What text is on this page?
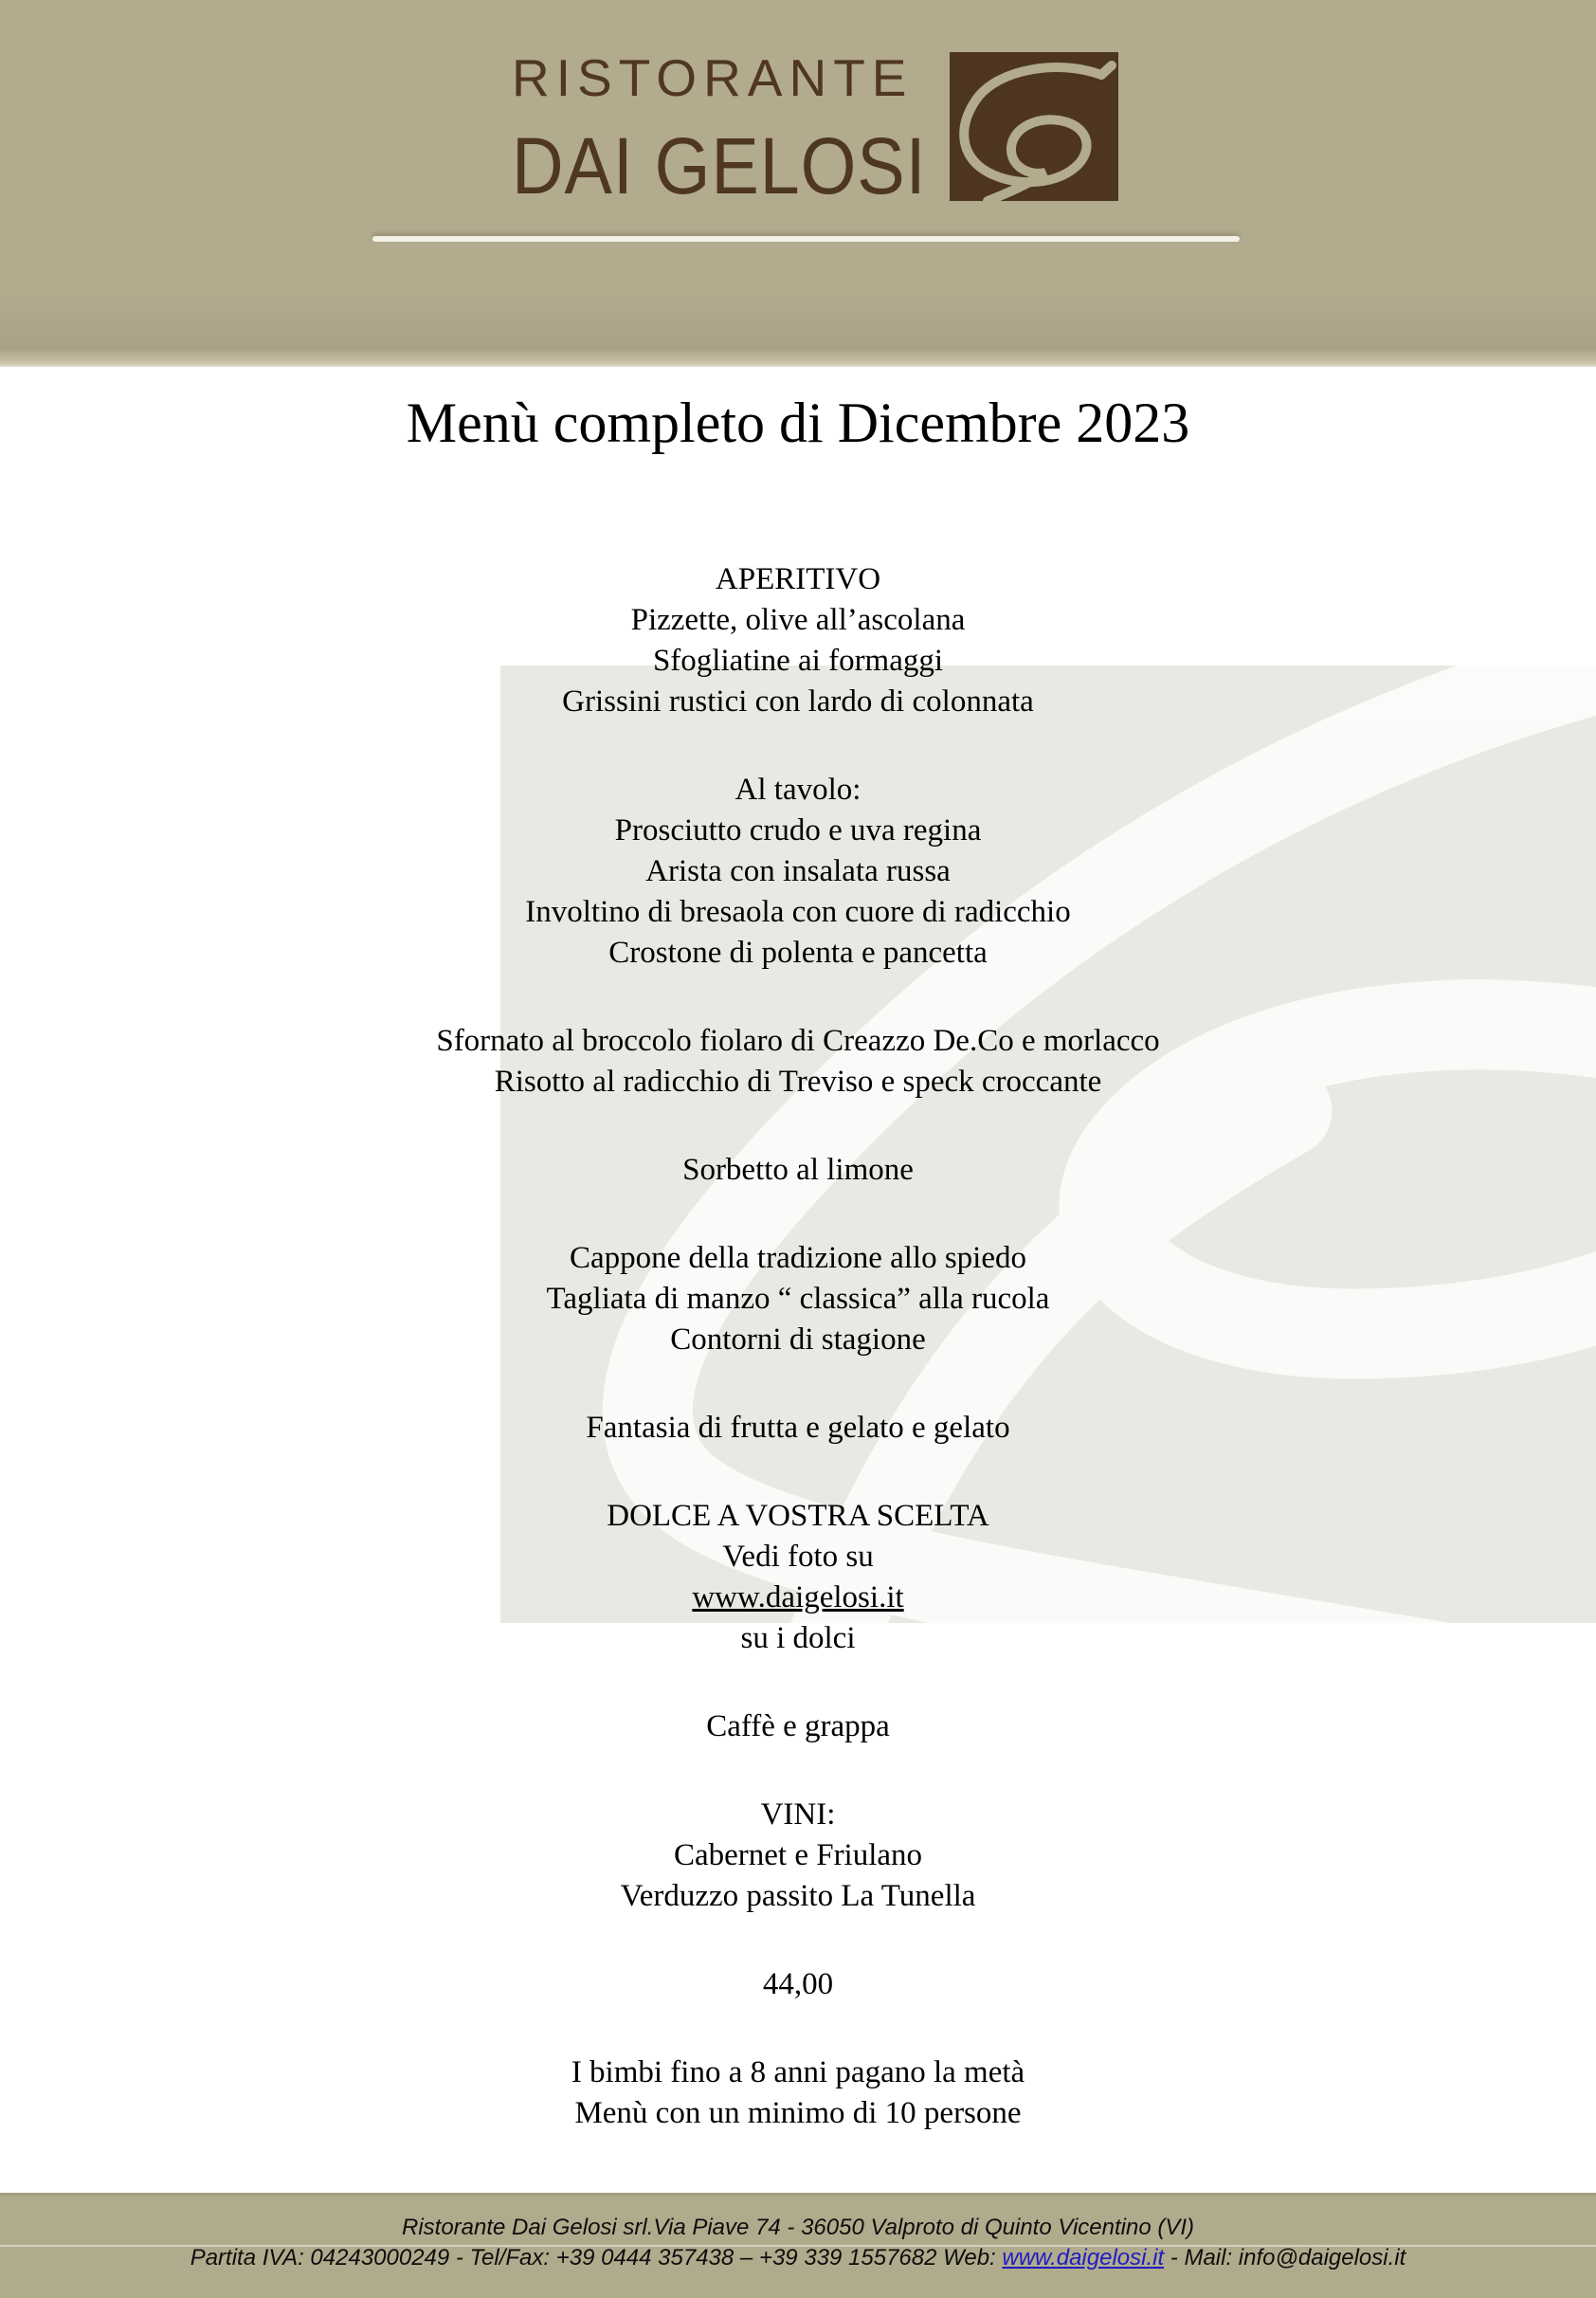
RISTORANTE
DAI GELOSI
Menù completo di Dicembre 2023

APERITIVO

Pizzette, olive all’ascolana

Sfogliatine ai formaggi

Grissini rustici con lardo di colonnata

Al tavolo:

Prosciutto crudo e uva regina

Arista con insalata russa

Involtino di bresaola con cuore di radicchio

Crostone di polenta e pancetta

Sfornato al broccolo fiolaro di Creazzo De.Co e morlacco

Risotto al radicchio di Treviso e speck croccante

Sorbetto al limone

Cappone della tradizione allo spiedo

Tagliata di manzo “ classica” alla rucola

Contorni di stagione

Fantasia di frutta e gelato e gelato

DOLCE A VOSTRA SCELTA

Vedi foto su

www.daigelosi.it

su i dolci

Caffè e grappa

VINI:

Cabernet e Friulano

Verduzzo passito La Tunella

44,00

I bimbi fino a 8 anni pagano la metà

Menù con un minimo di 10 persone

Ristorante Dai Gelosi srl.Via Piave 74 - 36050 Valproto di Quinto Vicentino (VI)

Partita IVA: 04243000249 - Tel/Fax: +39 0444 357438 – +39 339 1557682 Web: www.daigelosi.it - Mail: info@daigelosi.it
